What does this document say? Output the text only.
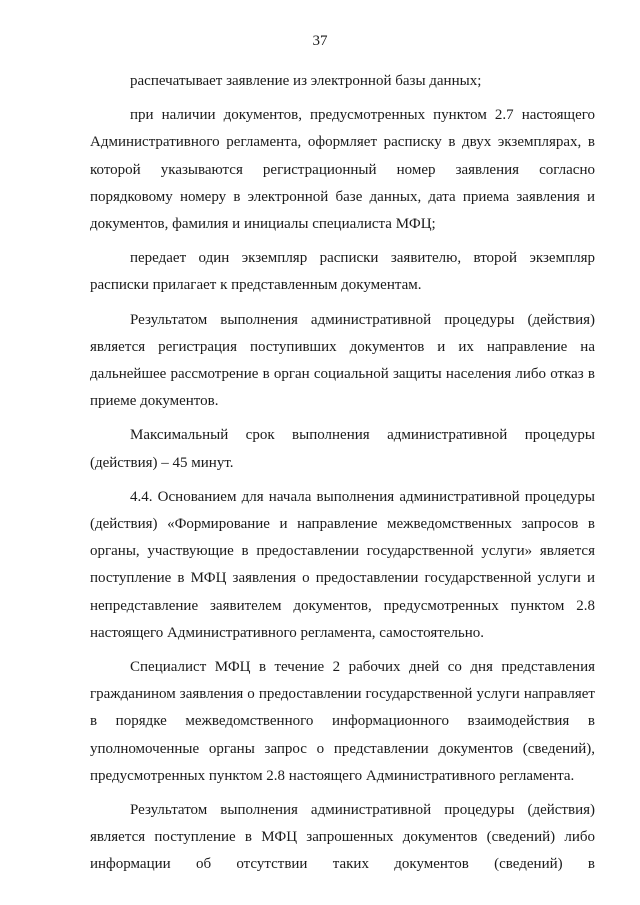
37

распечатывает заявление из электронной базы данных;

при наличии документов, предусмотренных пунктом 2.7 настоящего Административного регламента, оформляет расписку в двух экземплярах, в которой указываются регистрационный номер заявления согласно порядковому номеру в электронной базе данных, дата приема заявления и документов, фамилия и инициалы специалиста МФЦ;

передает один экземпляр расписки заявителю, второй экземпляр расписки прилагает к представленным документам.

Результатом выполнения административной процедуры (действия) является регистрация поступивших документов и их направление на дальнейшее рассмотрение в орган социальной защиты населения либо отказ в приеме документов.

Максимальный срок выполнения административной процедуры (действия) – 45 минут.

4.4. Основанием для начала выполнения административной процедуры (действия) «Формирование и направление межведомственных запросов в органы, участвующие в предоставлении государственной услуги» является поступление в МФЦ заявления о предоставлении государственной услуги и непредставление заявителем документов, предусмотренных пунктом 2.8 настоящего Административного регламента, самостоятельно.

Специалист МФЦ в течение 2 рабочих дней со дня представления гражданином заявления о предоставлении государственной услуги направляет в порядке межведомственного информационного взаимодействия в уполномоченные органы запрос о представлении документов (сведений), предусмотренных пунктом 2.8 настоящего Административного регламента.

Результатом выполнения административной процедуры (действия) является поступление в МФЦ запрошенных документов (сведений) либо информации об отсутствии таких документов (сведений) в
